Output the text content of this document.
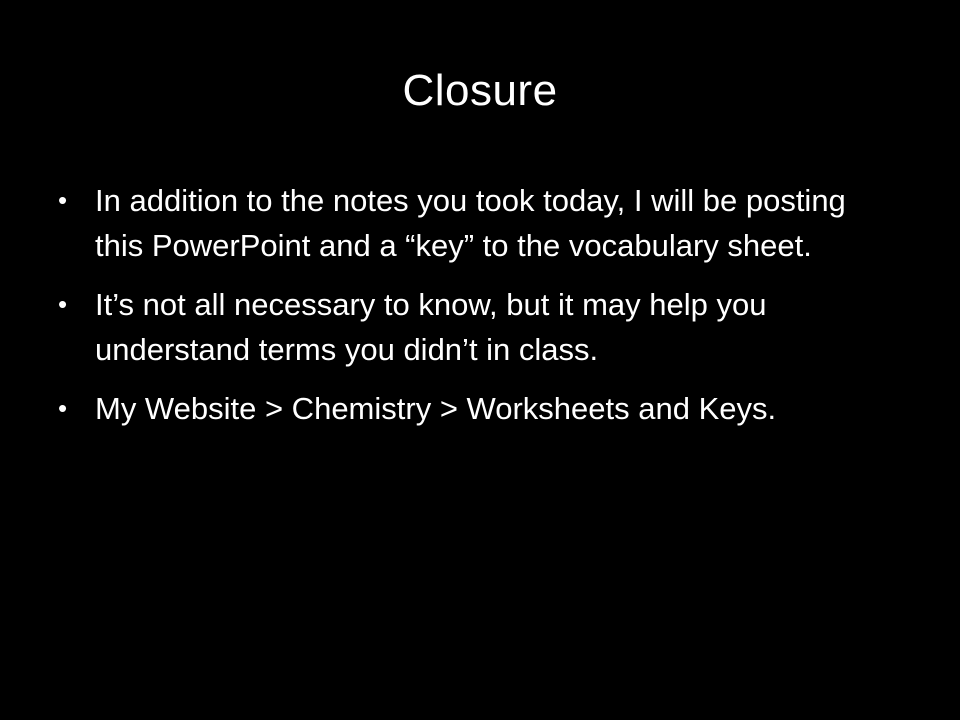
Closure
• In addition to the notes you took today, I will be posting this PowerPoint and a “key” to the vocabulary sheet.
• It’s not all necessary to know, but it may help you understand terms you didn’t in class.
• My Website > Chemistry > Worksheets and Keys.
